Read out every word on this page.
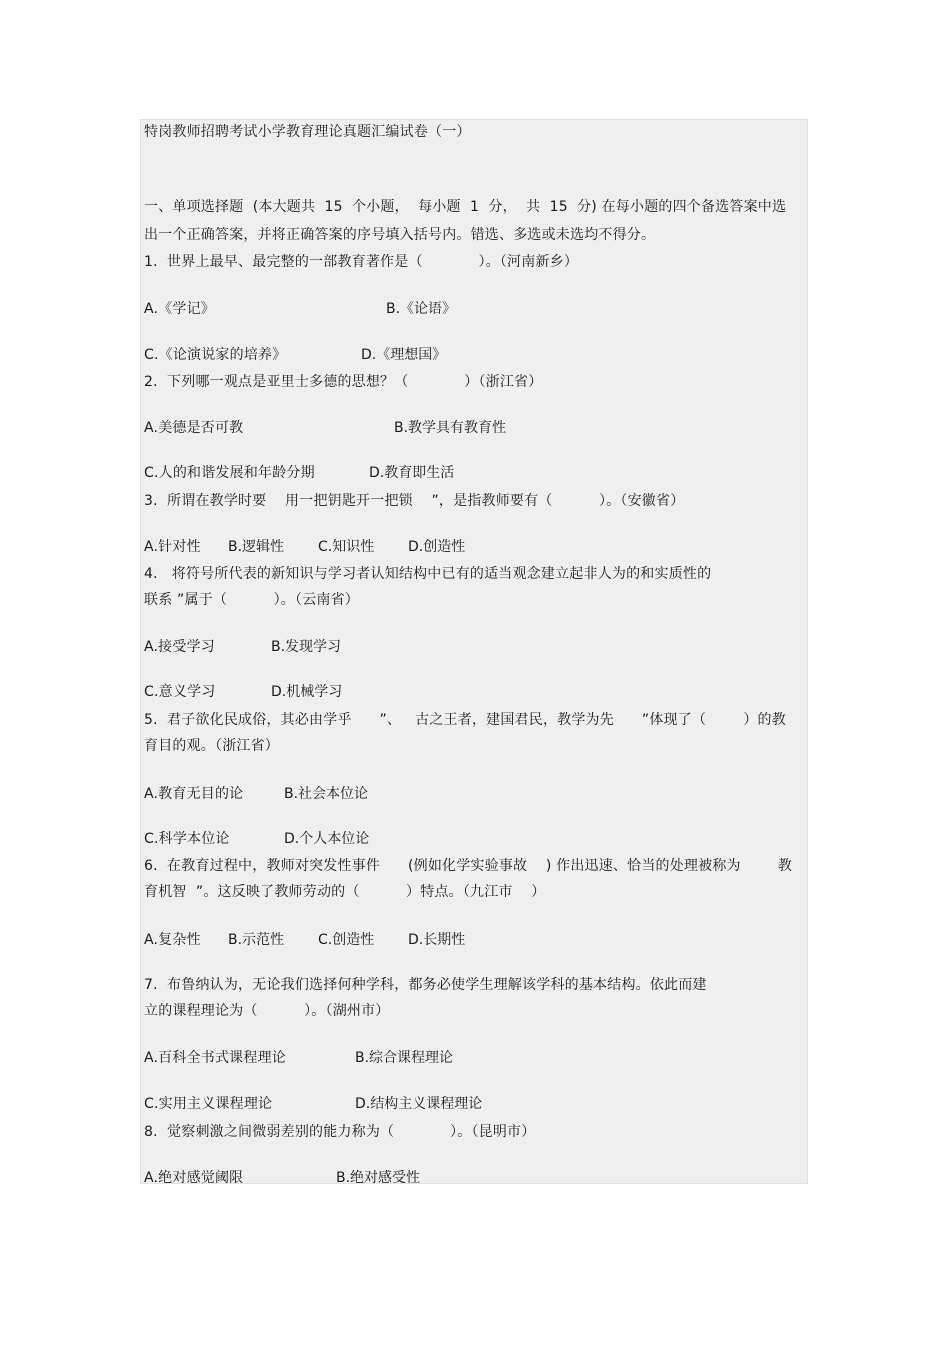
特岗教师招聘考试小学教育理论真题汇编试卷（一）
一、单项选择题  (本大题共  15  个小题，  每小题  1  分，  共  15  分) 在每小题的四个备选答案中选
出一个正确答案，并将正确答案的序号填入括号内。错选、多选或未选均不得分。
1.  世界上最早、最完整的一部教育著作是（            ）。（河南新乡）
A.《学记》	B.《论语》
C.《论演说家的培养》	D.《理想国》
2.  下列哪一观点是亚里士多德的思想？（            ）（浙江省）
A.美德是否可教	B.教学具有教育性
C.人的和谐发展和年龄分期	D.教育即生活
3.  所谓在教学时要    用一把钥匙开一把锁    ”，是指教师要有（          ）。（安徽省）
A.针对性 B.逻辑性 C.知识性 D.创造性
4.   将符号所代表的新知识与学习者认知结构中已有的适当观念建立起非人为的和实质性的
联系 ”属于（          ）。（云南省）
A.接受学习	B.发现学习
C.意义学习	D.机械学习
5.  君子欲化民成俗，其必由学乎      ”、   古之王者，建国君民，教学为先      ”体现了（        ）的教
育目的观。（浙江省）
A.教育无目的论	B.社会本位论
C.科学本位论	D.个人本位论
6.  在教育过程中，教师对突发性事件      (例如化学实验事故    ) 作出迅速、恰当的处理被称为        教
育机智  ”。这反映了教师劳动的（          ）特点。（九江市    ）
A.复杂性 B.示范性 C.创造性 D.长期性
7.  布鲁纳认为，无论我们选择何种学科，都务必使学生理解该学科的基本结构。依此而建
立的课程理论为（          ）。（湖州市）
A.百科全书式课程理论	B.综合课程理论
C.实用主义课程理论	D.结构主义课程理论
8.  觉察刺激之间微弱差别的能力称为（            ）。（昆明市）
A.绝对感觉阈限	B.绝对感受性
